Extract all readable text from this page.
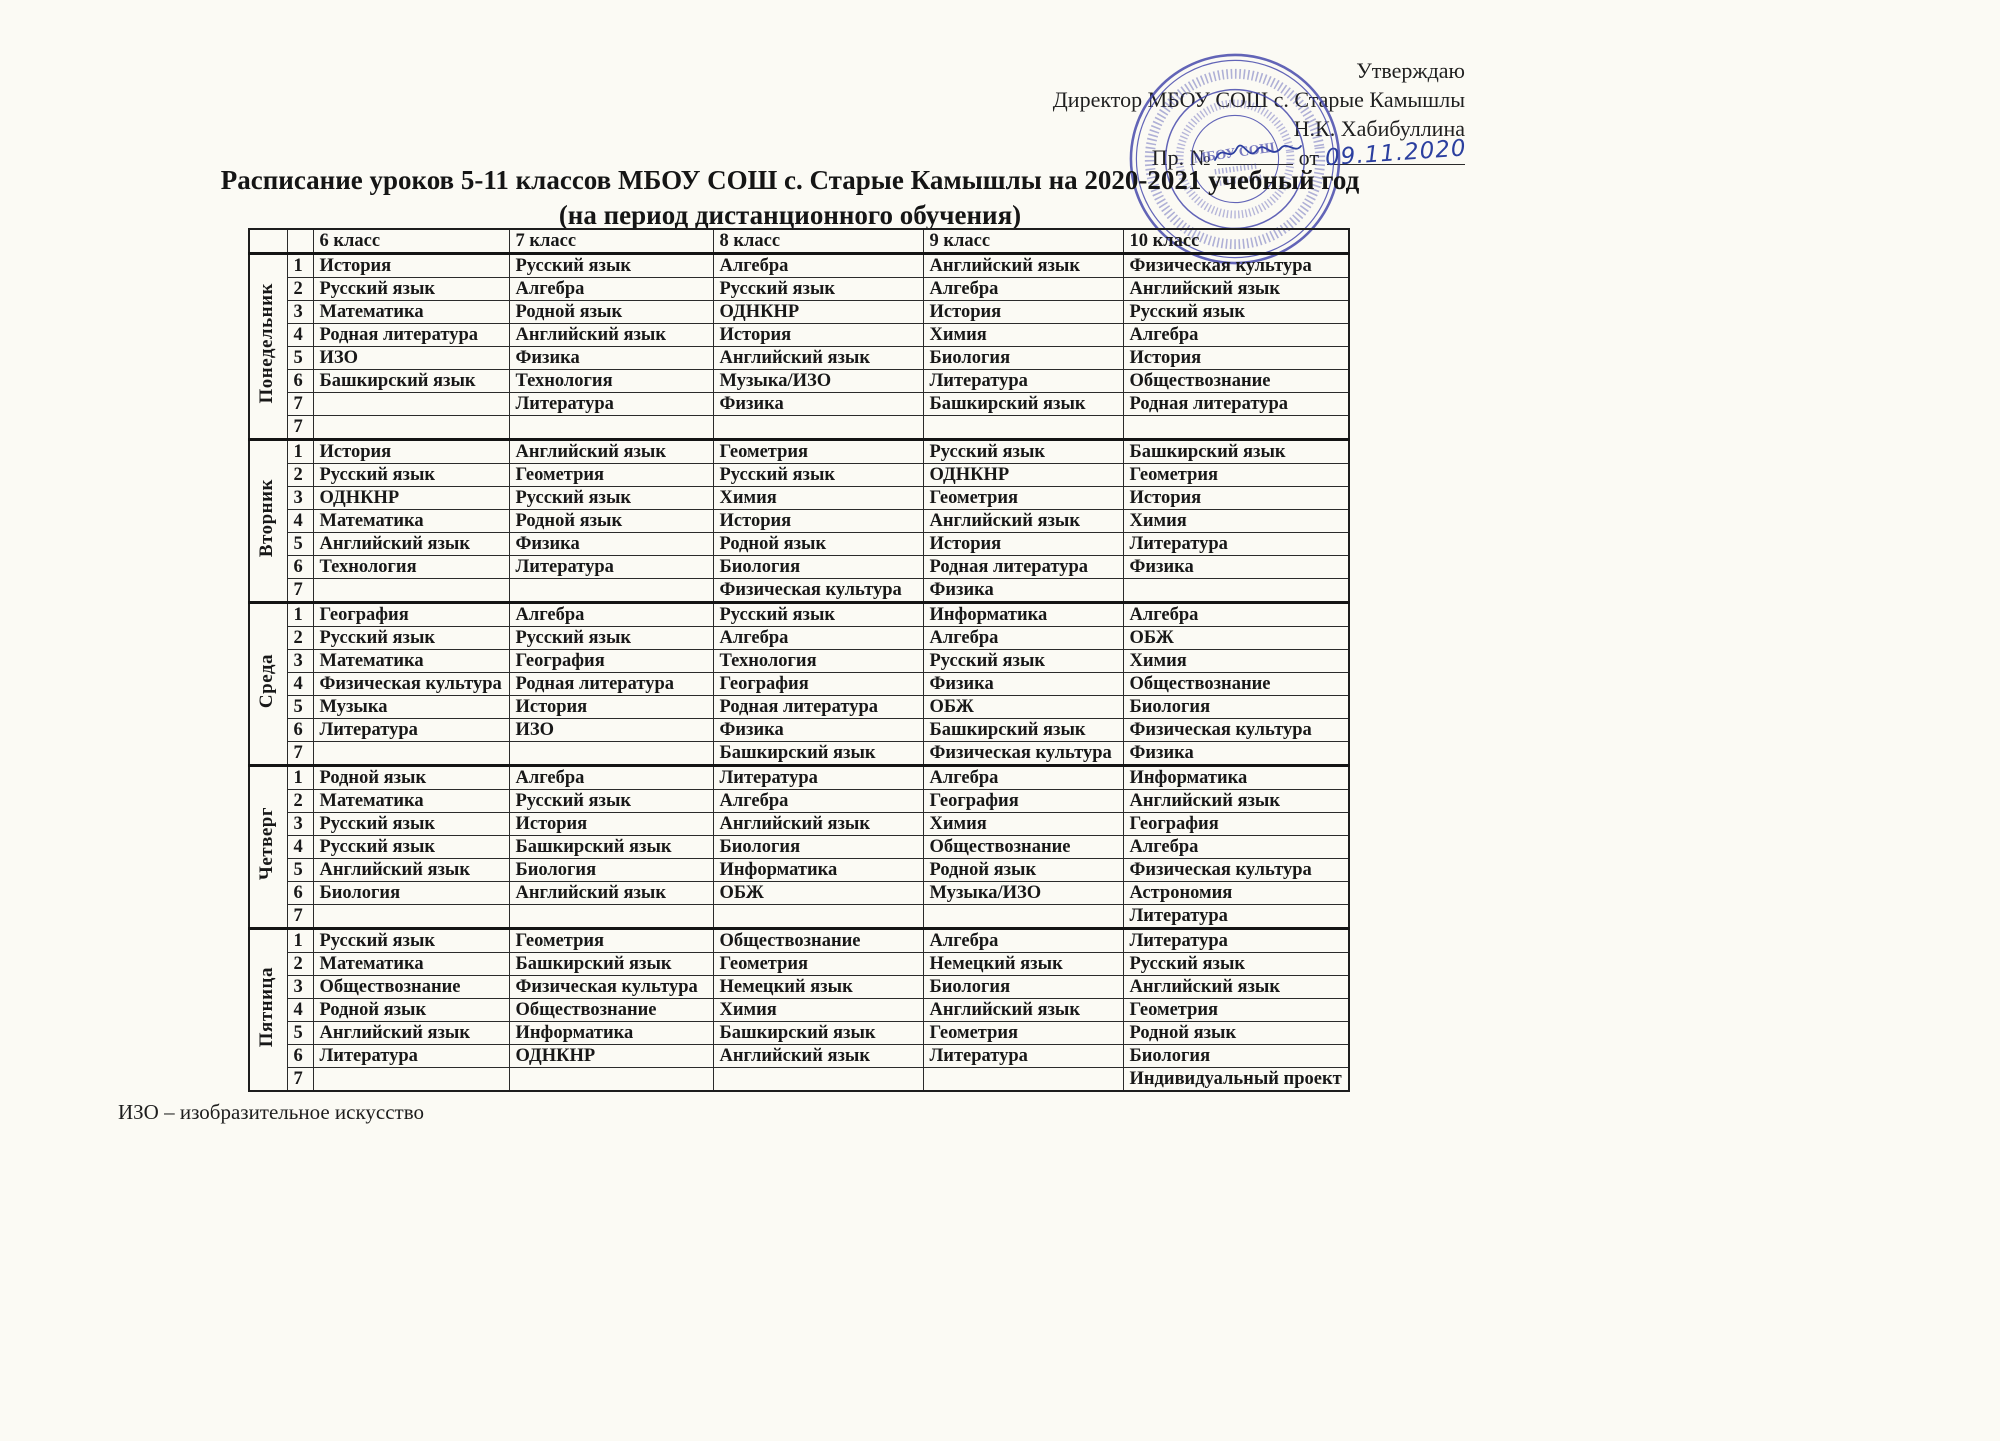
Утверждаю
Директор МБОУ СОШ с. Старые Камышлы
Н.К. Хабибуллина
Пр. №	от 09.11.2020
МБОУ СОШ
Расписание уроков 5-11 классов МБОУ СОШ с. Старые Камышлы на 2020-2021 учебный год
(на период дистанционного обучения)
		6 класс	7 класс	8 класс	9 класс	10 класс
Понедельник	1	История	Русский язык	Алгебра	Английский язык	Физическая культура
	2	Русский язык	Алгебра	Русский язык	Алгебра	Английский язык
	3	Математика	Родной язык	ОДНКНР	История	Русский язык
	4	Родная литература	Английский язык	История	Химия	Алгебра
	5	ИЗО	Физика	Английский язык	Биология	История
	6	Башкирский язык	Технология	Музыка/ИЗО	Литература	Обществознание
	7		Литература	Физика	Башкирский язык	Родная литература
	7					
Вторник	1	История	Английский язык	Геометрия	Русский язык	Башкирский язык
	2	Русский язык	Геометрия	Русский язык	ОДНКНР	Геометрия
	3	ОДНКНР	Русский язык	Химия	Геометрия	История
	4	Математика	Родной язык	История	Английский язык	Химия
	5	Английский язык	Физика	Родной язык	История	Литература
	6	Технология	Литература	Биология	Родная литература	Физика
	7			Физическая культура	Физика	
Среда	1	География	Алгебра	Русский язык	Информатика	Алгебра
	2	Русский язык	Русский язык	Алгебра	Алгебра	ОБЖ
	3	Математика	География	Технология	Русский язык	Химия
	4	Физическая культура	Родная литература	География	Физика	Обществознание
	5	Музыка	История	Родная литература	ОБЖ	Биология
	6	Литература	ИЗО	Физика	Башкирский язык	Физическая культура
	7			Башкирский язык	Физическая культура	Физика
Четверг	1	Родной язык	Алгебра	Литература	Алгебра	Информатика
	2	Математика	Русский язык	Алгебра	География	Английский язык
	3	Русский язык	История	Английский язык	Химия	География
	4	Русский язык	Башкирский язык	Биология	Обществознание	Алгебра
	5	Английский язык	Биология	Информатика	Родной язык	Физическая культура
	6	Биология	Английский язык	ОБЖ	Музыка/ИЗО	Астрономия
	7					Литература
Пятница	1	Русский язык	Геометрия	Обществознание	Алгебра	Литература
	2	Математика	Башкирский язык	Геометрия	Немецкий язык	Русский язык
	3	Обществознание	Физическая культура	Немецкий язык	Биология	Английский язык
	4	Родной язык	Обществознание	Химия	Английский язык	Геометрия
	5	Английский язык	Информатика	Башкирский язык	Геометрия	Родной язык
	6	Литература	ОДНКНР	Английский язык	Литература	Биология
	7					Индивидуальный проект
ИЗО – изобразительное искусство
